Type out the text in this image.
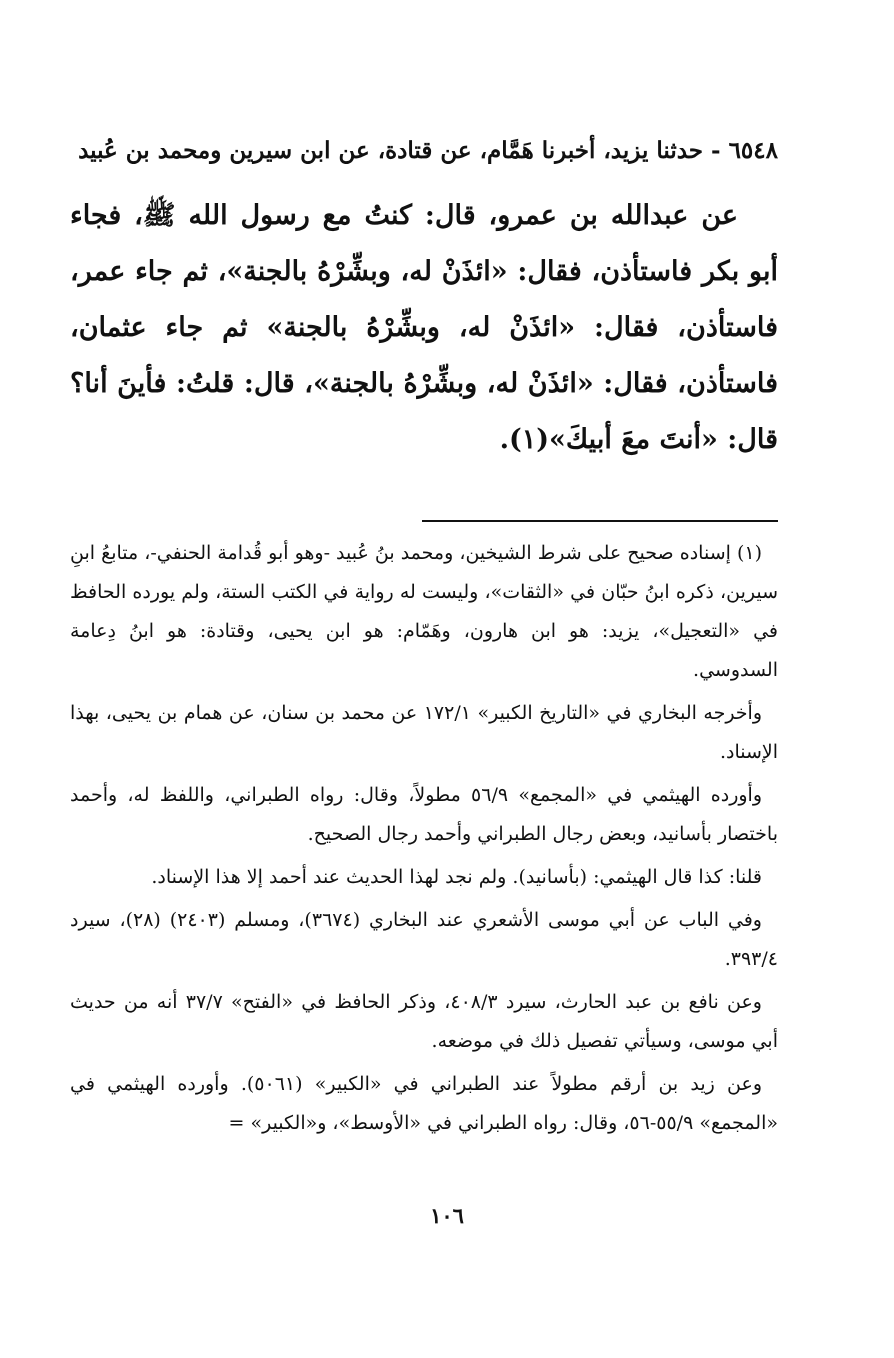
٦٥٤٨ - حدثنا يزيد، أخبرنا هَمَّام، عن قتادة، عن ابن سيرين ومحمد بن عُبيد

عن عبدالله بن عمرو، قال: كنتُ مع رسول الله ﷺ، فجاء أبو بكر فاستأذن، فقال: «ائذَنْ له، وبشِّرْهُ بالجنة»، ثم جاء عمر، فاستأذن، فقال: «ائذَنْ له، وبشِّرْهُ بالجنة» ثم جاء عثمان، فاستأذن، فقال: «ائذَنْ له، وبشِّرْهُ بالجنة»، قال: قلتُ: فأينَ أنا؟ قال: «أنتَ معَ أبيكَ»(١).

(١) إسناده صحيح على شرط الشيخين، ومحمد بنُ عُبيد -وهو أبو قُدامة الحنفي-، متابعُ ابنِ سيرين، ذكره ابنُ حبّان في «الثقات»، وليست له رواية في الكتب الستة، ولم يورده الحافظ في «التعجيل»، يزيد: هو ابن هارون، وهَمّام: هو ابن يحيى، وقتادة: هو ابنُ دِعامة السدوسي.

وأخرجه البخاري في «التاريخ الكبير» ١٧٢/١ عن محمد بن سنان، عن همام بن يحيى، بهذا الإسناد.

وأورده الهيثمي في «المجمع» ٥٦/٩ مطولاً، وقال: رواه الطبراني، واللفظ له، وأحمد باختصار بأسانيد، وبعض رجال الطبراني وأحمد رجال الصحيح.

قلنا: كذا قال الهيثمي: (بأسانيد). ولم نجد لهذا الحديث عند أحمد إلا هذا الإسناد.

وفي الباب عن أبي موسى الأشعري عند البخاري (٣٦٧٤)، ومسلم (٢٤٠٣) (٢٨)، سيرد ٣٩٣/٤.

وعن نافع بن عبد الحارث، سيرد ٤٠٨/٣، وذكر الحافظ في «الفتح» ٣٧/٧ أنه من حديث أبي موسى، وسيأتي تفصيل ذلك في موضعه.

وعن زيد بن أرقم مطولاً عند الطبراني في «الكبير» (٥٠٦١). وأورده الهيثمي في «المجمع» ٥٥/٩-٥٦، وقال: رواه الطبراني في «الأوسط»، و«الكبير» =

١٠٦
